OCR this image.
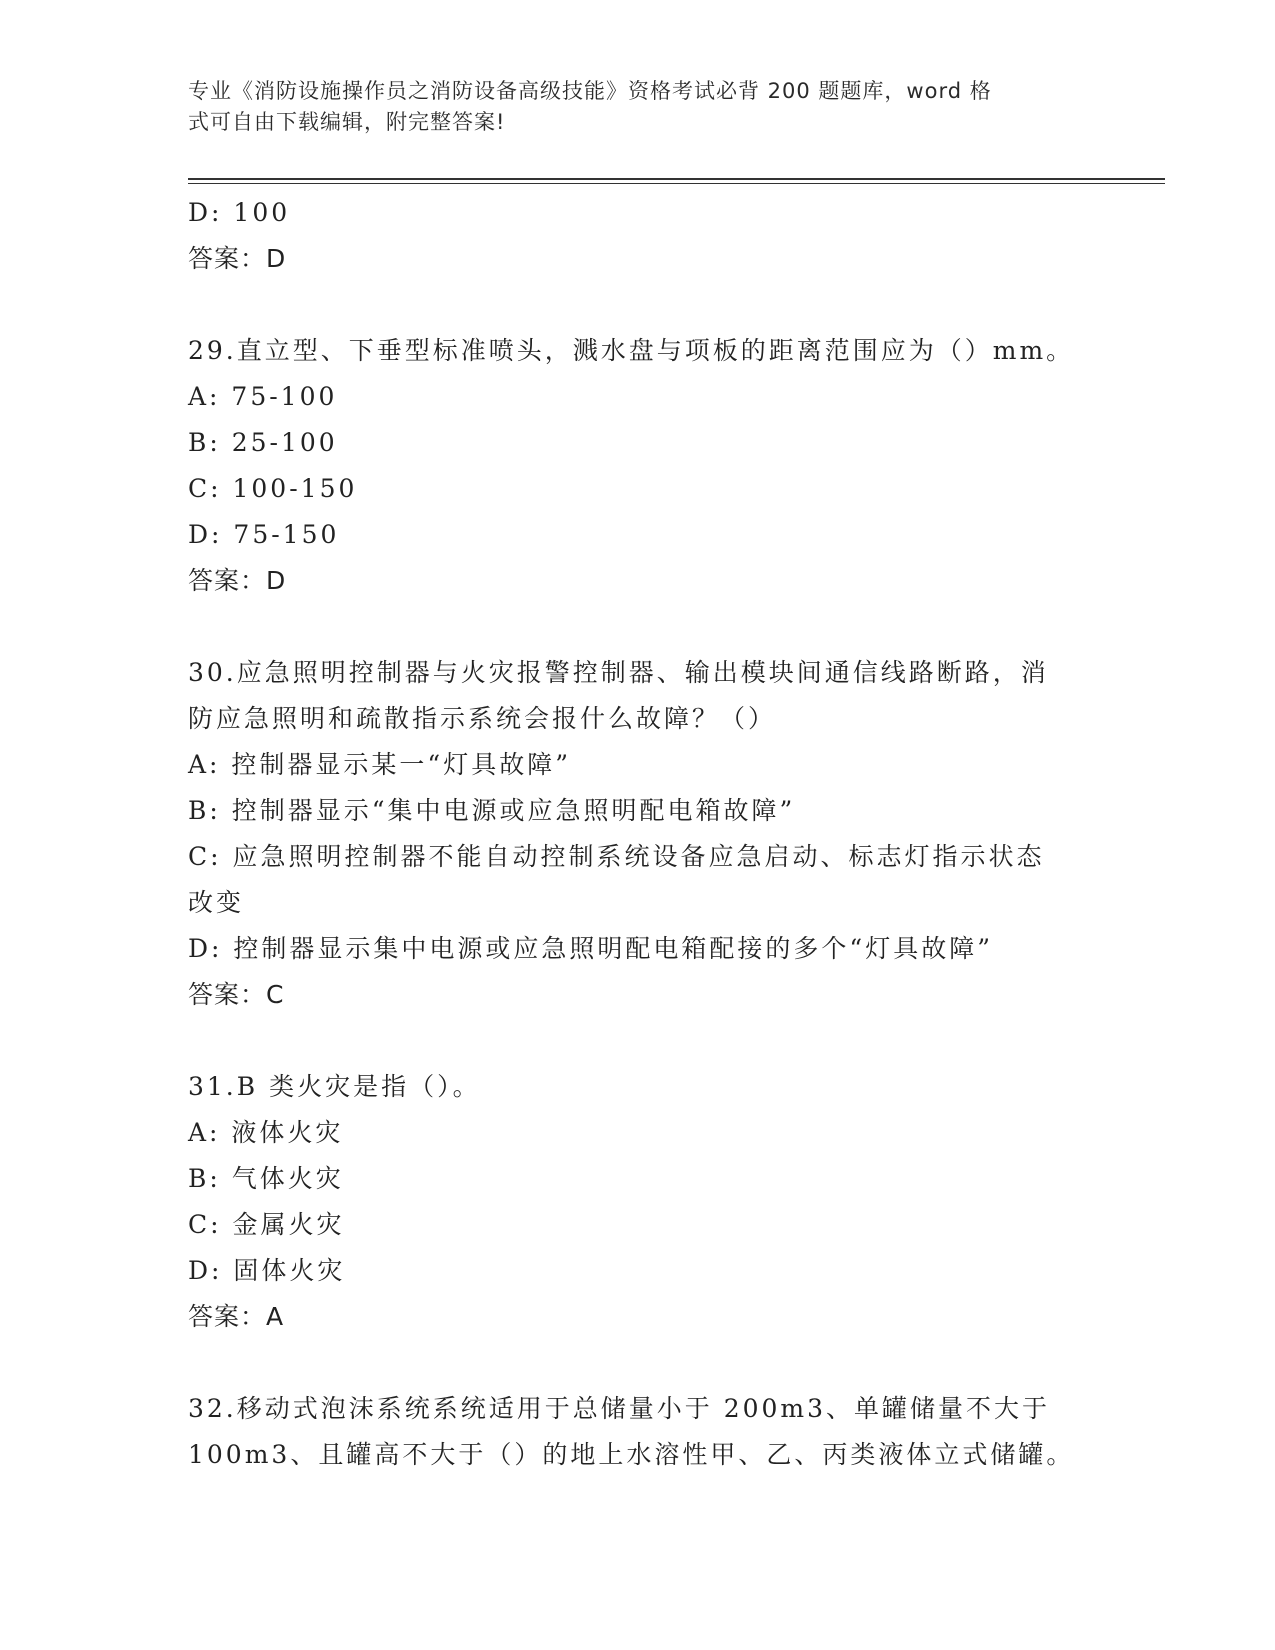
专业《消防设施操作员之消防设备高级技能》资格考试必背 200 题题库，word 格
式可自由下载编辑，附完整答案!
D: 100
答案：D
29.直立型、下垂型标准喷头，溅水盘与项板的距离范围应为（）mm。
A: 75-100
B: 25-100
C: 100-150
D: 75-150
答案：D
30.应急照明控制器与火灾报警控制器、输出模块间通信线路断路，消
防应急照明和疏散指示系统会报什么故障？（）
A: 控制器显示某一“灯具故障”
B: 控制器显示“集中电源或应急照明配电箱故障”
C: 应急照明控制器不能自动控制系统设备应急启动、标志灯指示状态
改变
D: 控制器显示集中电源或应急照明配电箱配接的多个“灯具故障”
答案：C
31.B 类火灾是指（）。
A: 液体火灾
B: 气体火灾
C: 金属火灾
D: 固体火灾
答案：A
32.移动式泡沫系统系统适用于总储量小于 200m3、单罐储量不大于
100m3、且罐高不大于（）的地上水溶性甲、乙、丙类液体立式储罐。
